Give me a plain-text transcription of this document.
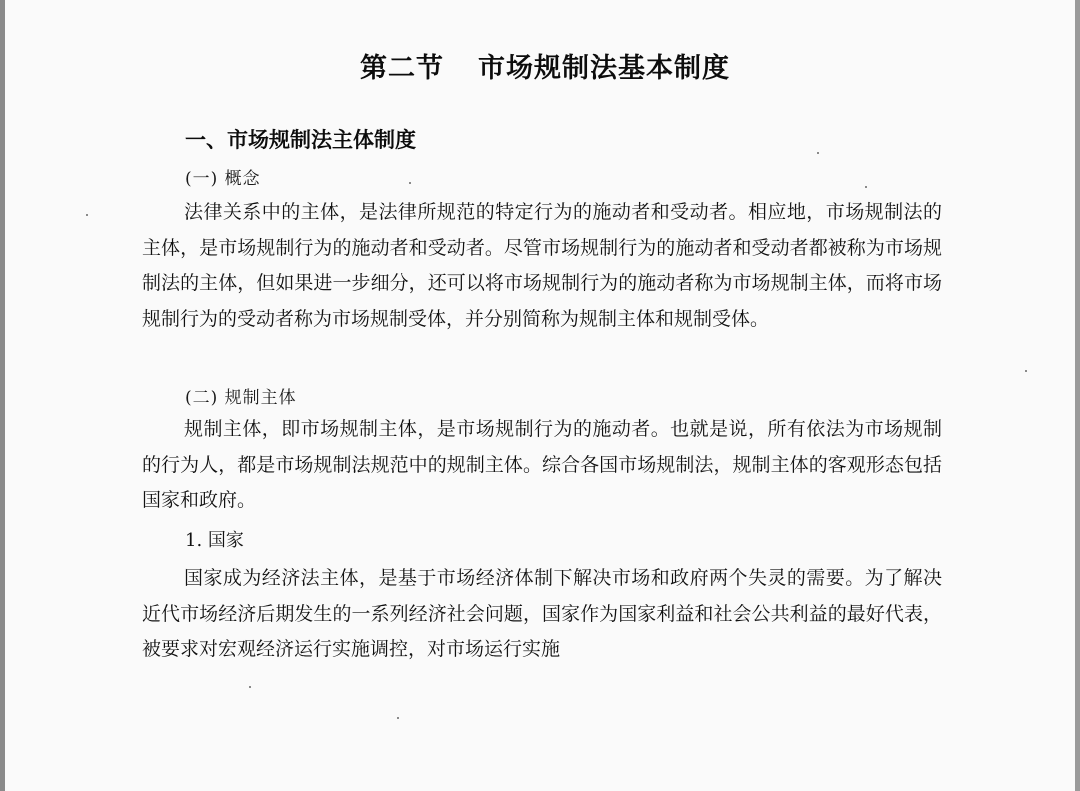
第二节 市场规制法基本制度
一、市场规制法主体制度
(一) 概念
法律关系中的主体，是法律所规范的特定行为的施动者和受动者。相应地，市场规制法的主体，是市场规制行为的施动者和受动者。尽管市场规制行为的施动者和受动者都被称为市场规制法的主体，但如果进一步细分，还可以将市场规制行为的施动者称为市场规制主体，而将市场规制行为的受动者称为市场规制受体，并分别简称为规制主体和规制受体。
(二) 规制主体
规制主体，即市场规制主体，是市场规制行为的施动者。也就是说，所有依法为市场规制的行为人，都是市场规制法规范中的规制主体。综合各国市场规制法，规制主体的客观形态包括国家和政府。
1. 国家
国家成为经济法主体，是基于市场经济体制下解决市场和政府两个失灵的需要。为了解决近代市场经济后期发生的一系列经济社会问题，国家作为国家利益和社会公共利益的最好代表，被要求对宏观经济运行实施调控，对市场运行实施
